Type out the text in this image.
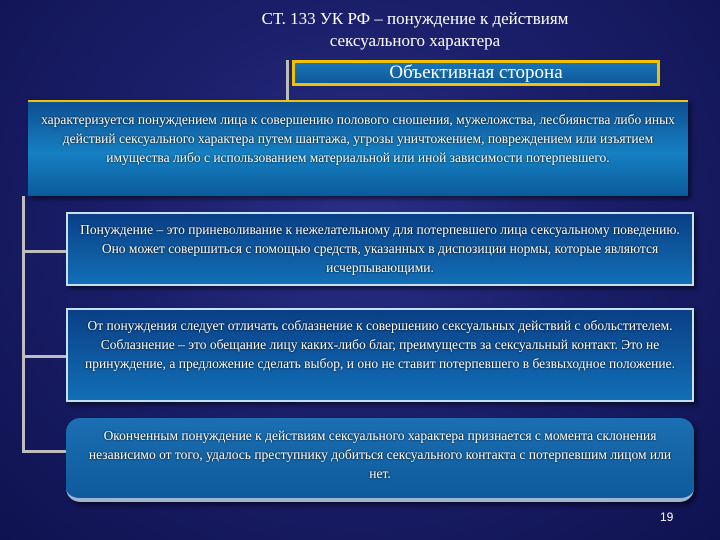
СТ. 133 УК РФ – понуждение к действиям
сексуального характера
Объективная сторона
характеризуется понуждением лица к совершению полового сношения, мужеложства, лесбиянства либо иных действий сексуального характера путем шантажа, угрозы уничтожением, повреждением или изъятием имущества либо с использованием материальной или иной зависимости потерпевшего.
Понуждение – это приневоливание к нежелательному для потерпевшего лица сексуальному поведению. Оно может совершиться с помощью средств, указанных в диспозиции нормы, которые являются исчерпывающими.
От понуждения следует отличать соблазнение к совершению сексуальных действий с обольстителем. Соблазнение – это обещание лицу каких-либо благ, преимуществ за сексуальный контакт. Это не принуждение, а предложение сделать выбор, и оно не ставит потерпевшего в безвыходное положение.
Оконченным понуждение к действиям сексуального характера признается с момента склонения независимо от того, удалось преступнику добиться сексуального контакта с потерпевшим лицом или нет.
19
